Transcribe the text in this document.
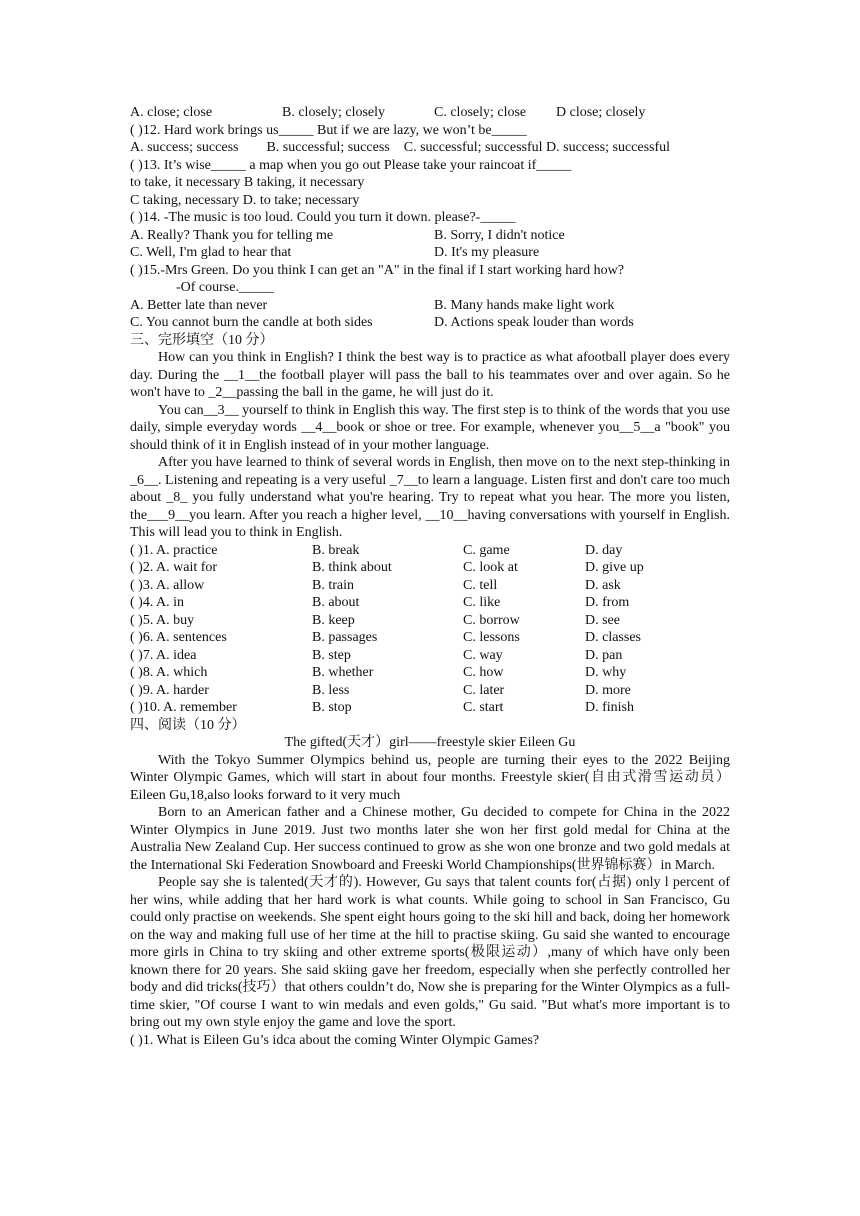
A. close; close	B. closely; closely	C. closely; close	D close; closely
( )12. Hard work brings us_____ But if we are lazy, we won’t be_____
A. success; success        B. successful; success    C. successful; successful D. success; successful
( )13. It’s wise_____ a map when you go out Please take your raincoat if_____
to take, it necessary B taking, it necessary
C taking, necessary D. to take; necessary
( )14. -The music is too loud. Could you turn it down. please?-_____
A. Really? Thank you for telling me	B. Sorry, I didn't notice
C. Well, I'm glad to hear that	D. It's my pleasure
( )15.-Mrs Green. Do you think I can get an "A" in the final if I start working hard how?
-Of course._____
A. Better late than never	B. Many hands make light work
C. You cannot burn the candle at both sides	D. Actions speak louder than words
三、完形填空（10 分）
How can you think in English? I think the best way is to practice as what afootball player does every day. During the __1__the football player will pass the ball to his teammates over and over again. So he won't have to _2__passing the ball in the game, he will just do it.
You can__3__ yourself to think in English this way. The first step is to think of the words that you use daily, simple everyday words __4__book or shoe or tree. For example, whenever you__5__a "book" you should think of it in English instead of in your mother language.
After you have learned to think of several words in English, then move on to the next step-thinking in _6__. Listening and repeating is a very useful _7__to learn a language. Listen first and don't care too much about _8_ you fully understand what you're hearing. Try to repeat what you hear. The more you listen, the___9__you learn. After you reach a higher level, __10__having conversations with yourself in English. This will lead you to think in English.
( )1. A. practice	B. break	C. game	D. day
( )2. A. wait for	B. think about	C. look at	D. give up
( )3. A. allow	B. train	C. tell	D. ask
( )4. A. in	B. about	C. like	D. from
( )5. A. buy	B. keep	C. borrow	D. see
( )6. A. sentences	B. passages	C. lessons	D. classes
( )7. A. idea	B. step	C. way	D. pan
( )8. A. which	B. whether	C. how	D. why
( )9. A. harder	B. less	C. later	D. more
( )10. A. remember	B. stop	C. start	D. finish
四、阅读（10 分）
The gifted(天才）girl——freestyle skier Eileen Gu
With the Tokyo Summer Olympics behind us, people are turning their eyes to the 2022 Beijing Winter Olympic Games, which will start in about four months. Freestyle skier(自由式滑雪运动员）Eileen Gu,18,also looks forward to it very much
Born to an American father and a Chinese mother, Gu decided to compete for China in the 2022 Winter Olympics in June 2019. Just two months later she won her first gold medal for China at the Australia New Zealand Cup. Her success continued to grow as she won one bronze and two gold medals at the International Ski Federation Snowboard and Freeski World Championships(世界锦标赛）in March.
People say she is talented(天才的). However, Gu says that talent counts for(占据) only l percent of her wins, while adding that her hard work is what counts. While going to school in San Francisco, Gu could only practise on weekends. She spent eight hours going to the ski hill and back, doing her homework on the way and making full use of her time at the hill to practise skiing. Gu said she wanted to encourage more girls in China to try skiing and other extreme sports(极限运动）,many of which have only been known there for 20 years. She said skiing gave her freedom, especially when she perfectly controlled her body and did tricks(技巧）that others couldn’t do, Now she is preparing for the Winter Olympics as a full-time skier, "Of course I want to win medals and even golds," Gu said. "But what's more important is to bring out my own style enjoy the game and love the sport.
( )1. What is Eileen Gu’s idca about the coming Winter Olympic Games?
